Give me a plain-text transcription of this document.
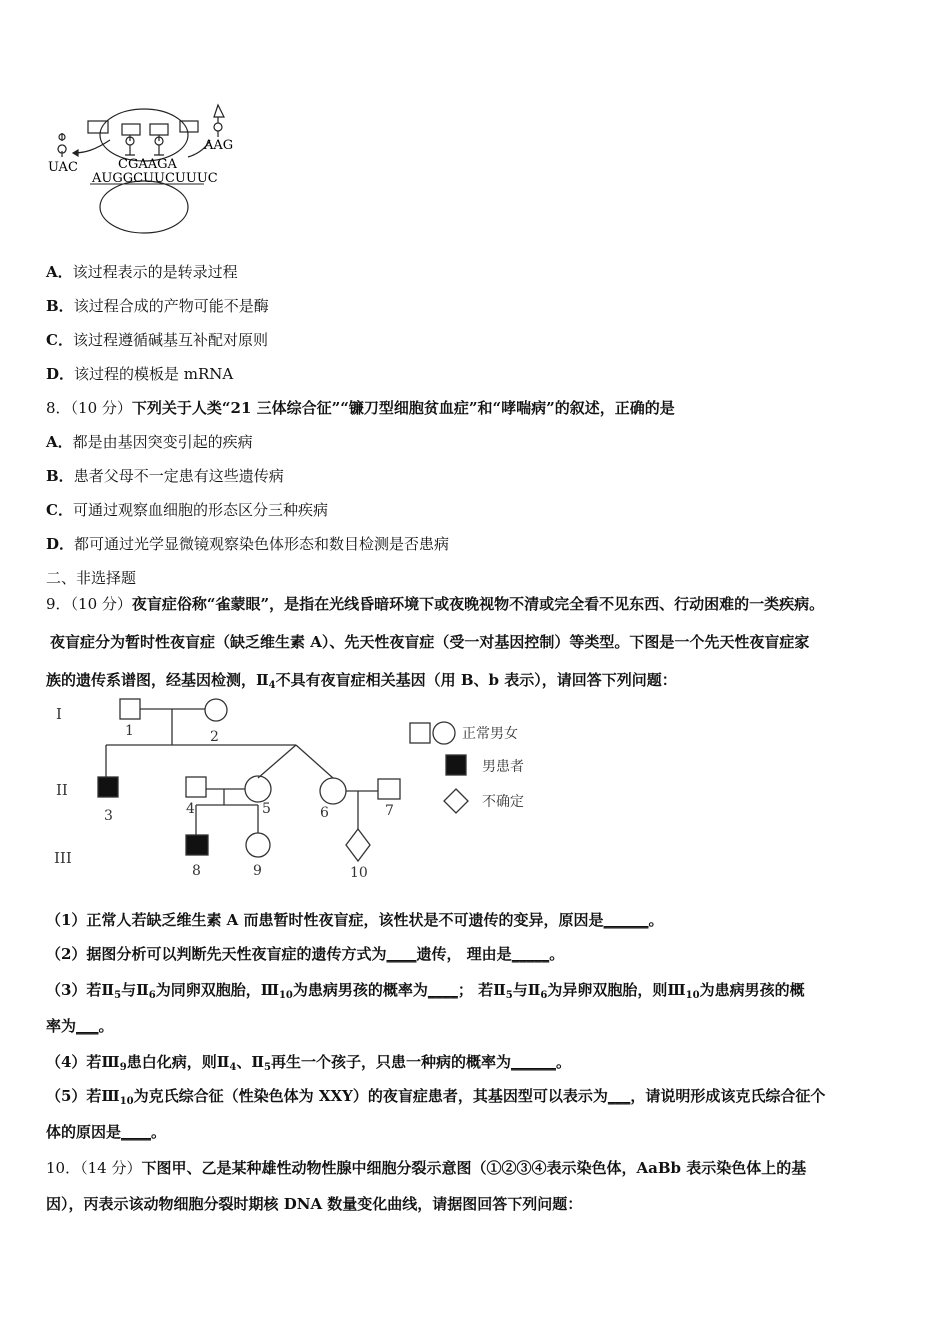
UAC
AAG
CGAAGA
AUGGCUUCUUUC
A．该过程表示的是转录过程
B．该过程合成的产物可能不是酶
C．该过程遵循碱基互补配对原则
D．该过程的模板是 mRNA
8．（10 分）下列关于人类“21 三体综合征”“镰刀型细胞贫血症”和“哮喘病”的叙述，正确的是
A．都是由基因突变引起的疾病
B．患者父母不一定患有这些遗传病
C．可通过观察血细胞的形态区分三种疾病
D．都可通过光学显微镜观察染色体形态和数目检测是否患病
二、非选择题
9．（10 分）夜盲症俗称“雀蒙眼”，是指在光线昏暗环境下或夜晚视物不清或完全看不见东西、行动困难的一类疾病。
夜盲症分为暂时性夜盲症（缺乏维生素 A）、先天性夜盲症（受一对基因控制）等类型。下图是一个先天性夜盲症家
族的遗传系谱图，经基因检测，$Ⅱ_4$不具有夜盲症相关基因（用 B、b 表示），请回答下列问题：
I
II
III
1	2
3	4	5	6	7
8	9	10
正常男女
男患者
不确定
（1）正常人若缺乏维生素 A 而患暂时性夜盲症，该性状是不可遗传的变异，原因是______。
（2）据图分析可以判断先天性夜盲症的遗传方式为____遗传， 理由是_____。
（3）若$Ⅱ_5$与$Ⅱ_6$为同卵双胞胎，$Ⅲ_{10}$为患病男孩的概率为____； 若$Ⅱ_5$与$Ⅱ_6$为异卵双胞胎，则$Ⅲ_{10}$为患病男孩的概
率为___。
（4）若$Ⅲ_9$患白化病，则$Ⅱ_4$、$Ⅱ_5$再生一个孩子，只患一种病的概率为______。
（5）若$Ⅲ_{10}$为克氏综合征（性染色体为 XXY）的夜盲症患者，其基因型可以表示为___，请说明形成该克氏综合征个
体的原因是____。
10．（14 分）下图甲、乙是某种雄性动物性腺中细胞分裂示意图（①②③④表示染色体，AaBb 表示染色体上的基
因），丙表示该动物细胞分裂时期核 DNA 数量变化曲线，请据图回答下列问题：
